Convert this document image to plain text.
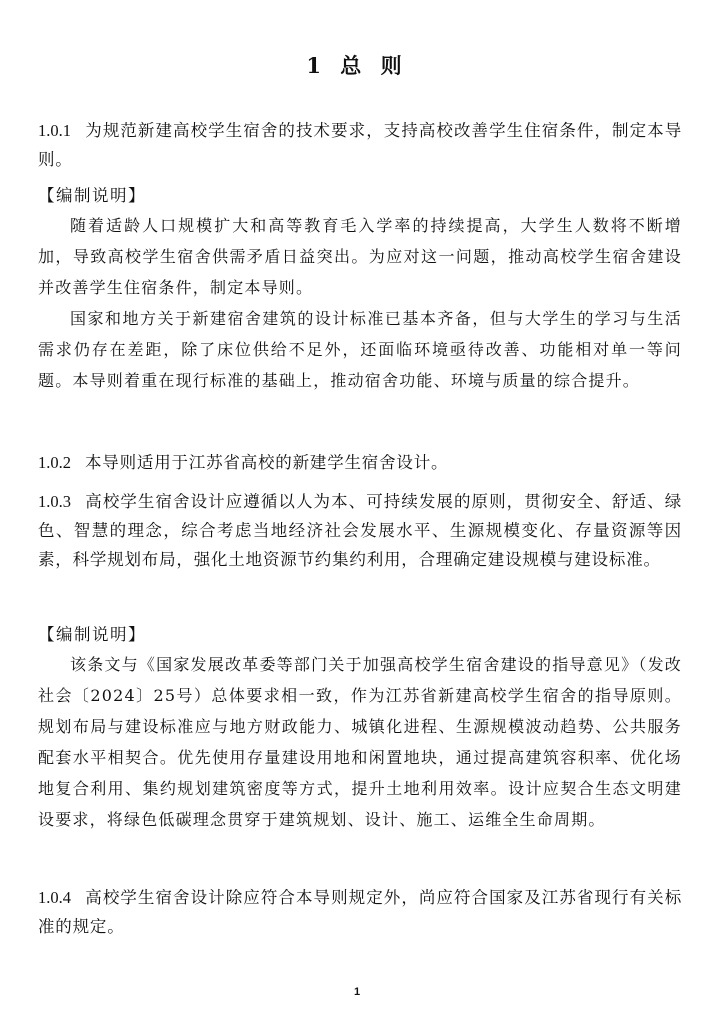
1 总 则
1.0.1 为规范新建高校学生宿舍的技术要求，支持高校改善学生住宿条件，制定本导则。
【编制说明】
随着适龄人口规模扩大和高等教育毛入学率的持续提高，大学生人数将不断增加，导致高校学生宿舍供需矛盾日益突出。为应对这一问题，推动高校学生宿舍建设并改善学生住宿条件，制定本导则。
国家和地方关于新建宿舍建筑的设计标准已基本齐备，但与大学生的学习与生活需求仍存在差距，除了床位供给不足外，还面临环境亟待改善、功能相对单一等问题。本导则着重在现行标准的基础上，推动宿舍功能、环境与质量的综合提升。
1.0.2 本导则适用于江苏省高校的新建学生宿舍设计。
1.0.3 高校学生宿舍设计应遵循以人为本、可持续发展的原则，贯彻安全、舒适、绿色、智慧的理念，综合考虑当地经济社会发展水平、生源规模变化、存量资源等因素，科学规划布局，强化土地资源节约集约利用，合理确定建设规模与建设标准。
【编制说明】
该条文与《国家发展改革委等部门关于加强高校学生宿舍建设的指导意见》（发改社会〔2024〕25号）总体要求相一致，作为江苏省新建高校学生宿舍的指导原则。规划布局与建设标准应与地方财政能力、城镇化进程、生源规模波动趋势、公共服务配套水平相契合。优先使用存量建设用地和闲置地块，通过提高建筑容积率、优化场地复合利用、集约规划建筑密度等方式，提升土地利用效率。设计应契合生态文明建设要求，将绿色低碳理念贯穿于建筑规划、设计、施工、运维全生命周期。
1.0.4 高校学生宿舍设计除应符合本导则规定外，尚应符合国家及江苏省现行有关标准的规定。
1
